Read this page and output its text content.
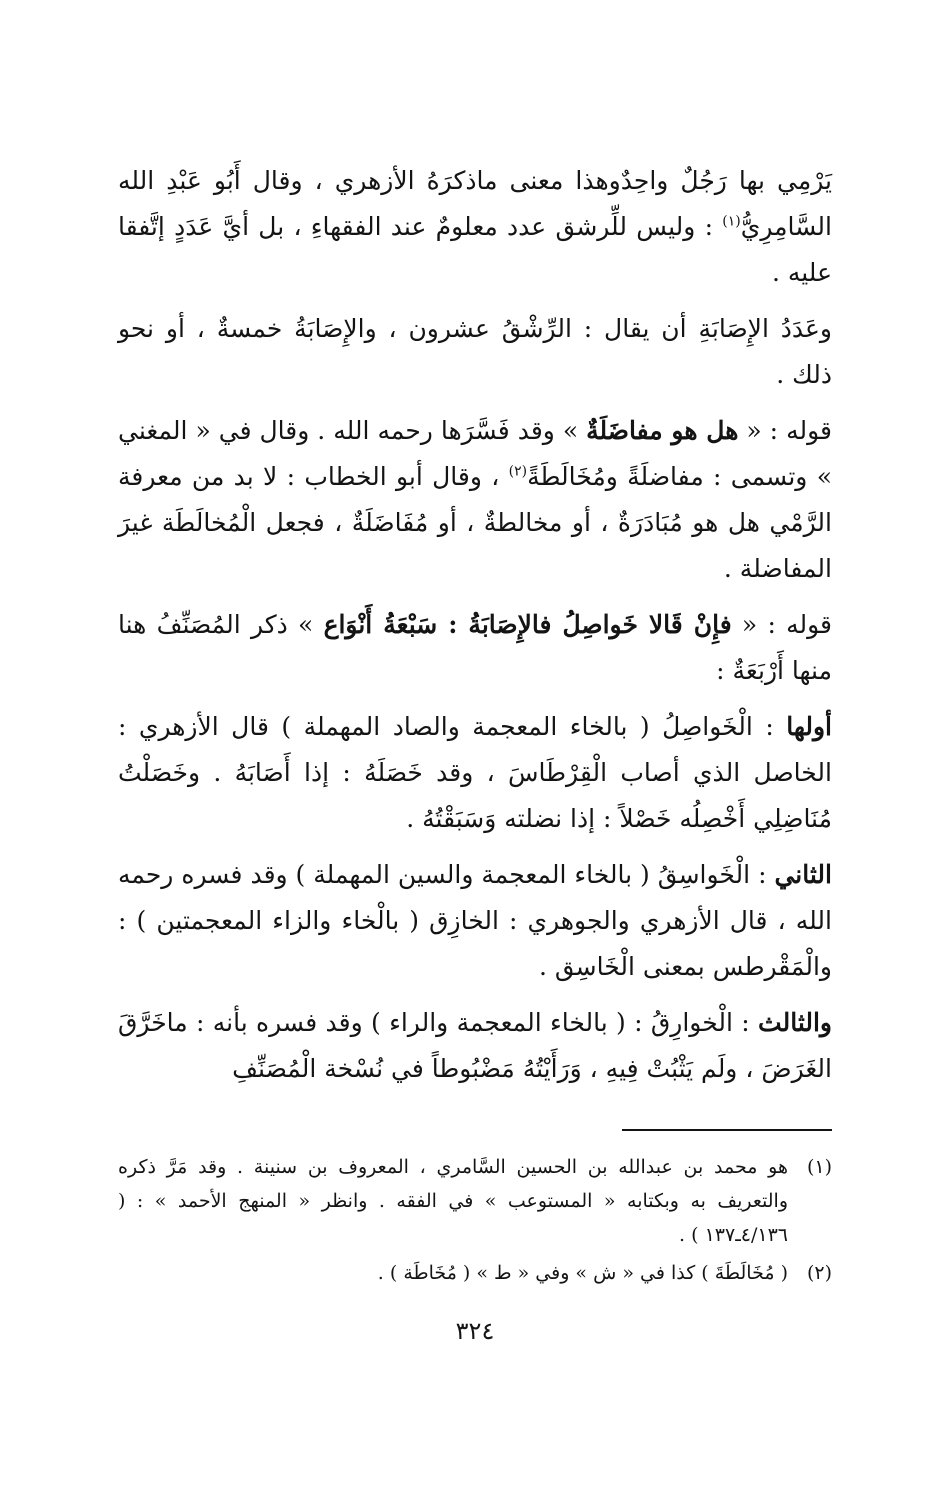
يَرْمِي بها رَجُلٌ واحِدٌوهذا معنى ماذكرَهُ الأزهري ، وقال أَبُو عَبْدِ الله السَّامِرِيُّ$^{(١)}$ : وليس للِّرشق عدد معلومٌ عند الفقهاءِ ، بل أيَّ عَدَدٍ إتَّفقا عليه .

وعَدَدُ الإِصَابَةِ أن يقال : الرِّشْقُ عشرون ، والإِصَابَةُ خمسةٌ ، أو نحو ذلك .

قوله : « هل هو مفاضَلَةٌ » وقد فَسَّرَها رحمه الله . وقال في « المغني » وتسمى : مفاضلَةً ومُخَالَطَةً$^{(٢)}$ ، وقال أبو الخطاب : لا بد من معرفة الرَّمْي هل هو مُبَادَرَةٌ ، أو مخالطةٌ ، أو مُفَاضَلَةٌ ، فجعل الْمُخالَطَة غيرَ المفاضلة .

قوله : « فإِنْ قَالا خَواصِلُ فالإِصَابَةُ : سَبْعَةُ أَنْوَاع » ذكر المُصَنِّفُ هنا منها أَرْبَعَةٌ :

أولها : الْخَواصِلُ ( بالخاء المعجمة والصاد المهملة ) قال الأزهري : الخاصل الذي أصاب الْقِرْطَاسَ ، وقد خَصَلَهُ : إذا أَصَابَهُ . وخَصَلْتُ مُنَاضِلِي أَخْصِلُه خَصْلاً : إذا نضلته وَسَبَقْتُهُ .

الثاني : الْخَواسِقُ ( بالخاء المعجمة والسين المهملة ) وقد فسره رحمه الله ، قال الأزهري والجوهري : الخازِق ( بالْخاء والزاء المعجمتين ) : والْمَقْرطس بمعنى الْخَاسِق .

والثالث : الْخوارِقُ : ( بالخاء المعجمة والراء ) وقد فسره بأنه : ماخَرَّقَ الغَرَضَ ، ولَم يَثْبُتْ فِيهِ ، وَرَأَيْتُهُ مَضْبُوطاً في نُسْخة الْمُصَنِّفِ

(١)
هو محمد بن عبدالله بن الحسين السَّامري ، المعروف بن سنينة . وقد مَرَّ ذكره والتعريف به وبكتابه « المستوعب » في الفقه . وانظر « المنهج الأحمد » : ( ٤/١٣٦ـ١٣٧ ) .
(٢)
( مُخَالَطَةَ ) كذا في « ش » وفي « ط » ( مُخَاطَة ) .
٣٢٤
